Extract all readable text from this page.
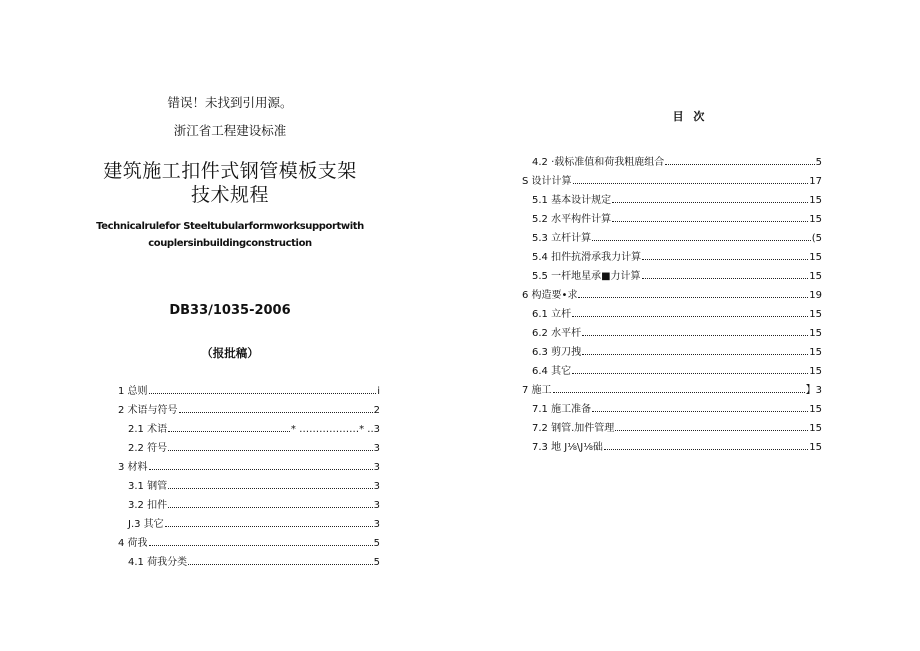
错误！未找到引用源。
浙江省工程建设标准
建筑施工扣件式钢管模板支架
技术规程
Technicalrulefor Steeltubularformworksupportwith
couplersinbuildingconstruction
DB33∕1035-2006
（报批稿）
1 总则	i
2 术语与符号	2
2.1 术语	* ………………* ..3
2.2 符号	3
3 材料	3
3.1 钢管	3
3.2 扣件	3
J.3 其它	3
4 荷我	5
4.1 荷我分类	5
目 次
4.2 ·载标准值和荷我粗鹿组合	5
S 设计计算	17
5.1 基本设计规定	15
5.2 水平构件计算	15
5.3 立杆计算	(5
5.4 扣件抗滑承我力计算	15
5.5 一杆地星承■力计算	15
6 构造要•求	19
6.1 立杆	15
6.2 水平杆	15
6.3 剪刀拽	15
6.4 其它	15
7 施工	】3
7.1 施工准备	15
7.2 钢管.加件管理	15
7.3 地 J⅛\J⅛础	15
